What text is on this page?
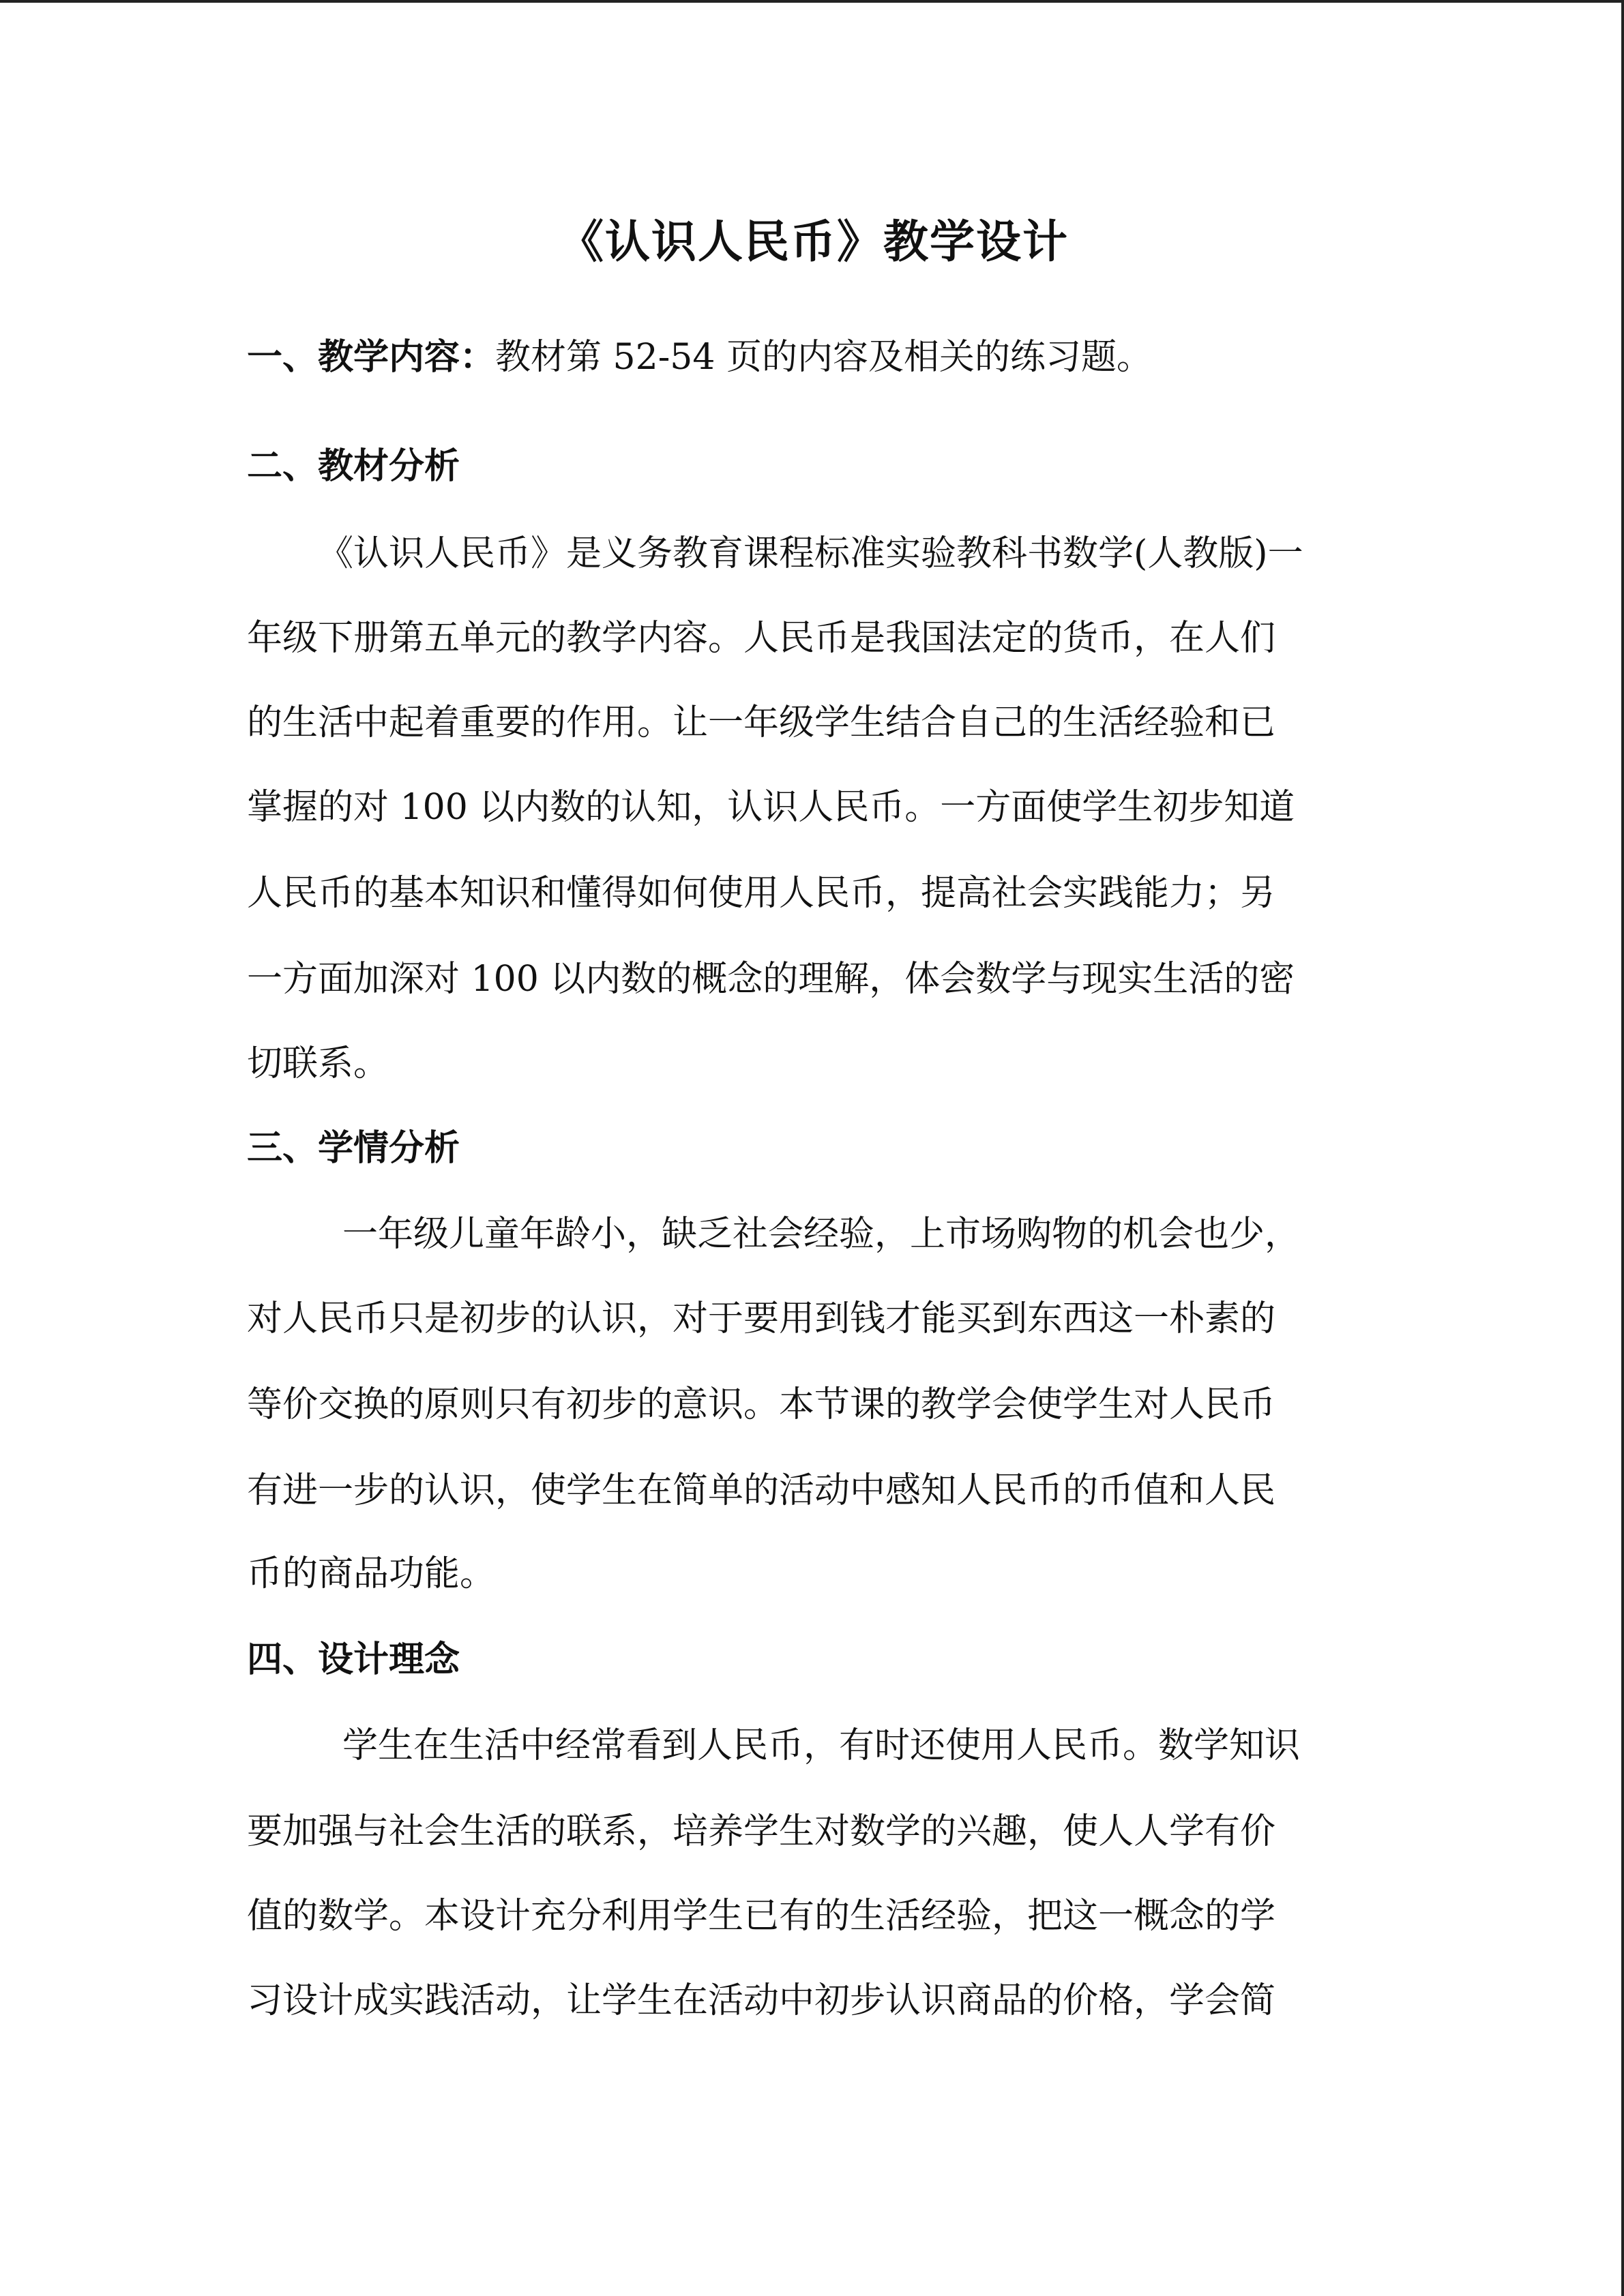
《认识人民币》教学设计
一、教学内容：教材第 52-54 页的内容及相关的练习题。
二、教材分析
《认识人民币》是义务教育课程标准实验教科书数学(人教版)一
年级下册第五单元的教学内容。人民币是我国法定的货币，在人们
的生活中起着重要的作用。让一年级学生结合自己的生活经验和已
掌握的对 100 以内数的认知，认识人民币。一方面使学生初步知道
人民币的基本知识和懂得如何使用人民币，提高社会实践能力；另
一方面加深对 100 以内数的概念的理解，体会数学与现实生活的密
切联系。
三、学情分析
一年级儿童年龄小，缺乏社会经验，上市场购物的机会也少，
对人民币只是初步的认识，对于要用到钱才能买到东西这一朴素的
等价交换的原则只有初步的意识。本节课的教学会使学生对人民币
有进一步的认识，使学生在简单的活动中感知人民币的币值和人民
币的商品功能。
四、设计理念
学生在生活中经常看到人民币，有时还使用人民币。数学知识
要加强与社会生活的联系，培养学生对数学的兴趣，使人人学有价
值的数学。本设计充分利用学生已有的生活经验，把这一概念的学
习设计成实践活动，让学生在活动中初步认识商品的价格，学会简
